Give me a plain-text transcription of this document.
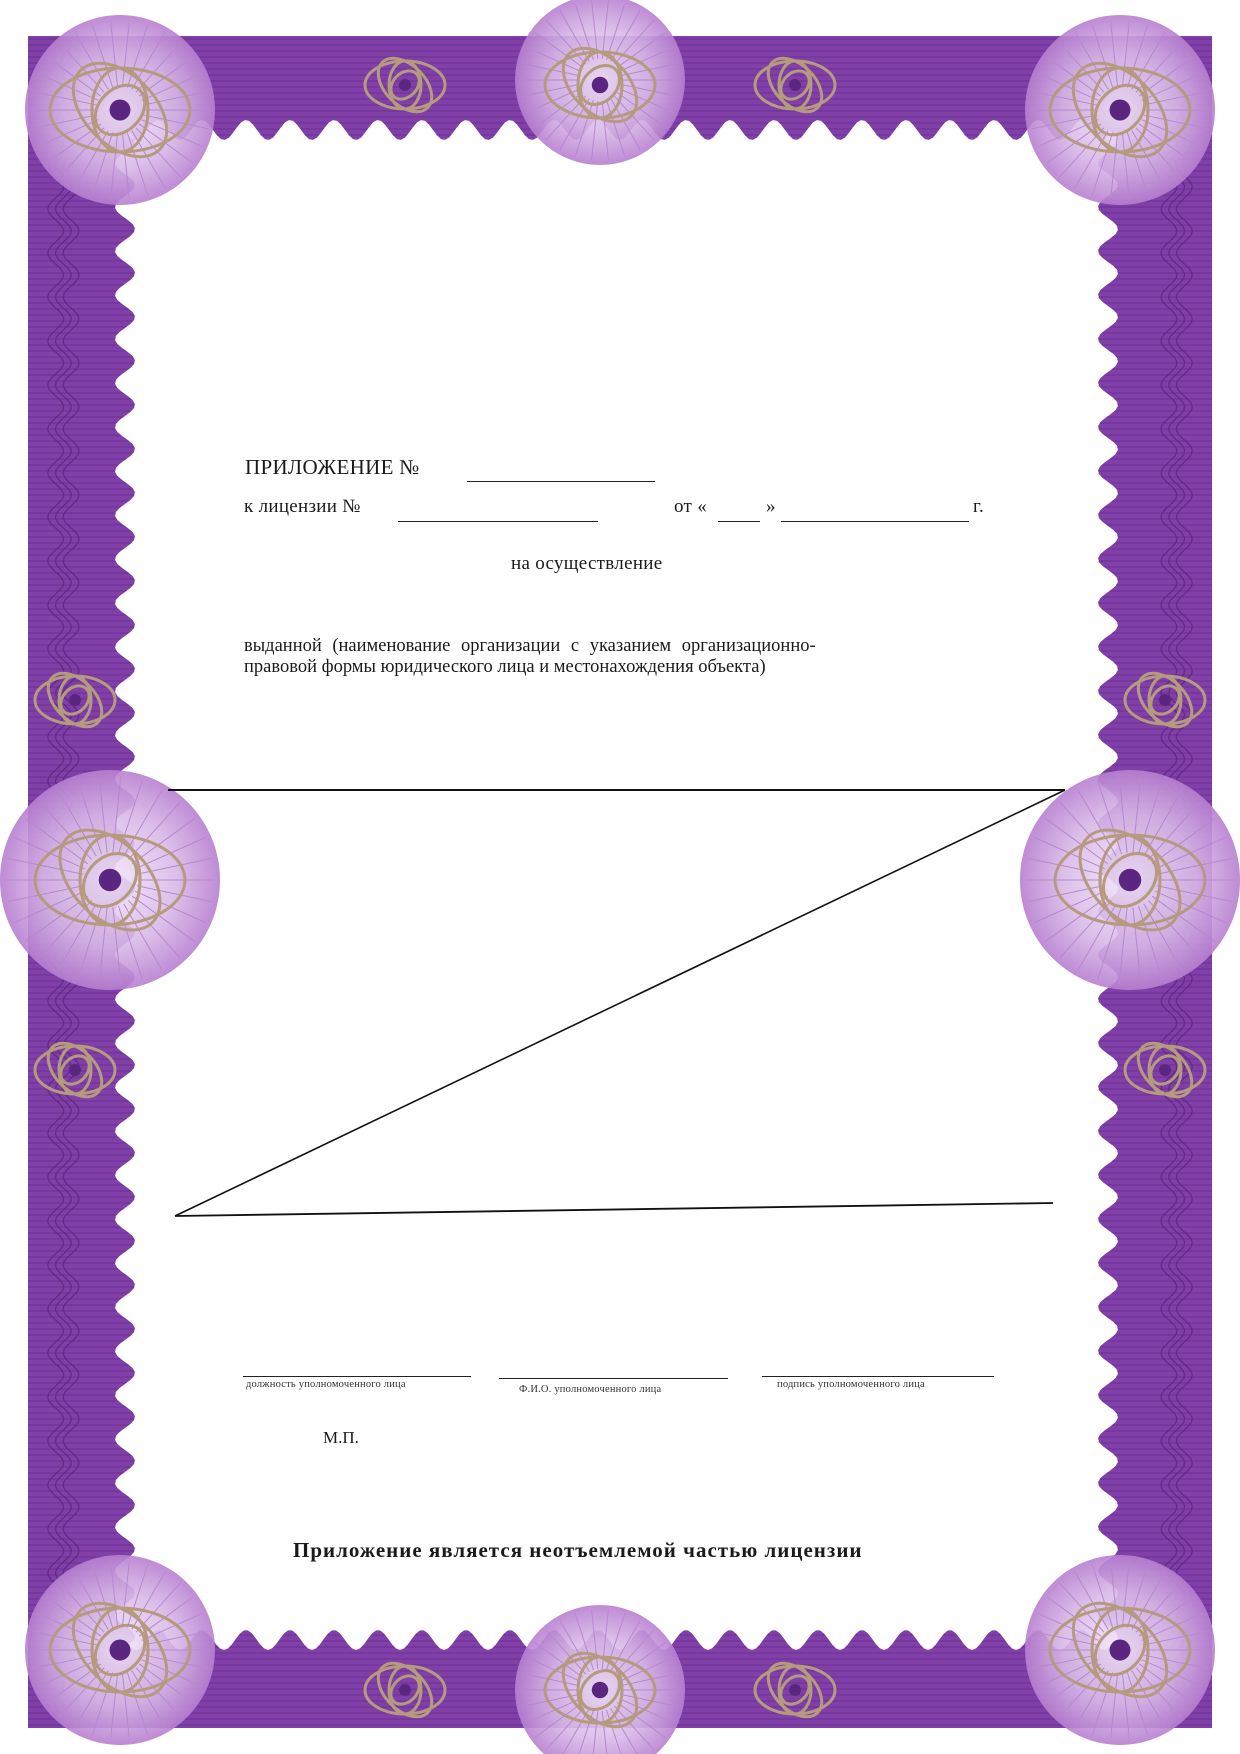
ПРИЛОЖЕНИЕ №
к лицензии №	от «	»	г.
на осуществление
выданной (наименование организации с указанием организационно-
правовой формы юридического лица и местонахождения объекта)
должность уполномоченного лица	Ф.И.О. уполномоченного лица	подпись уполномоченного лица
М.П.
Приложение является неотъемлемой частью лицензии
